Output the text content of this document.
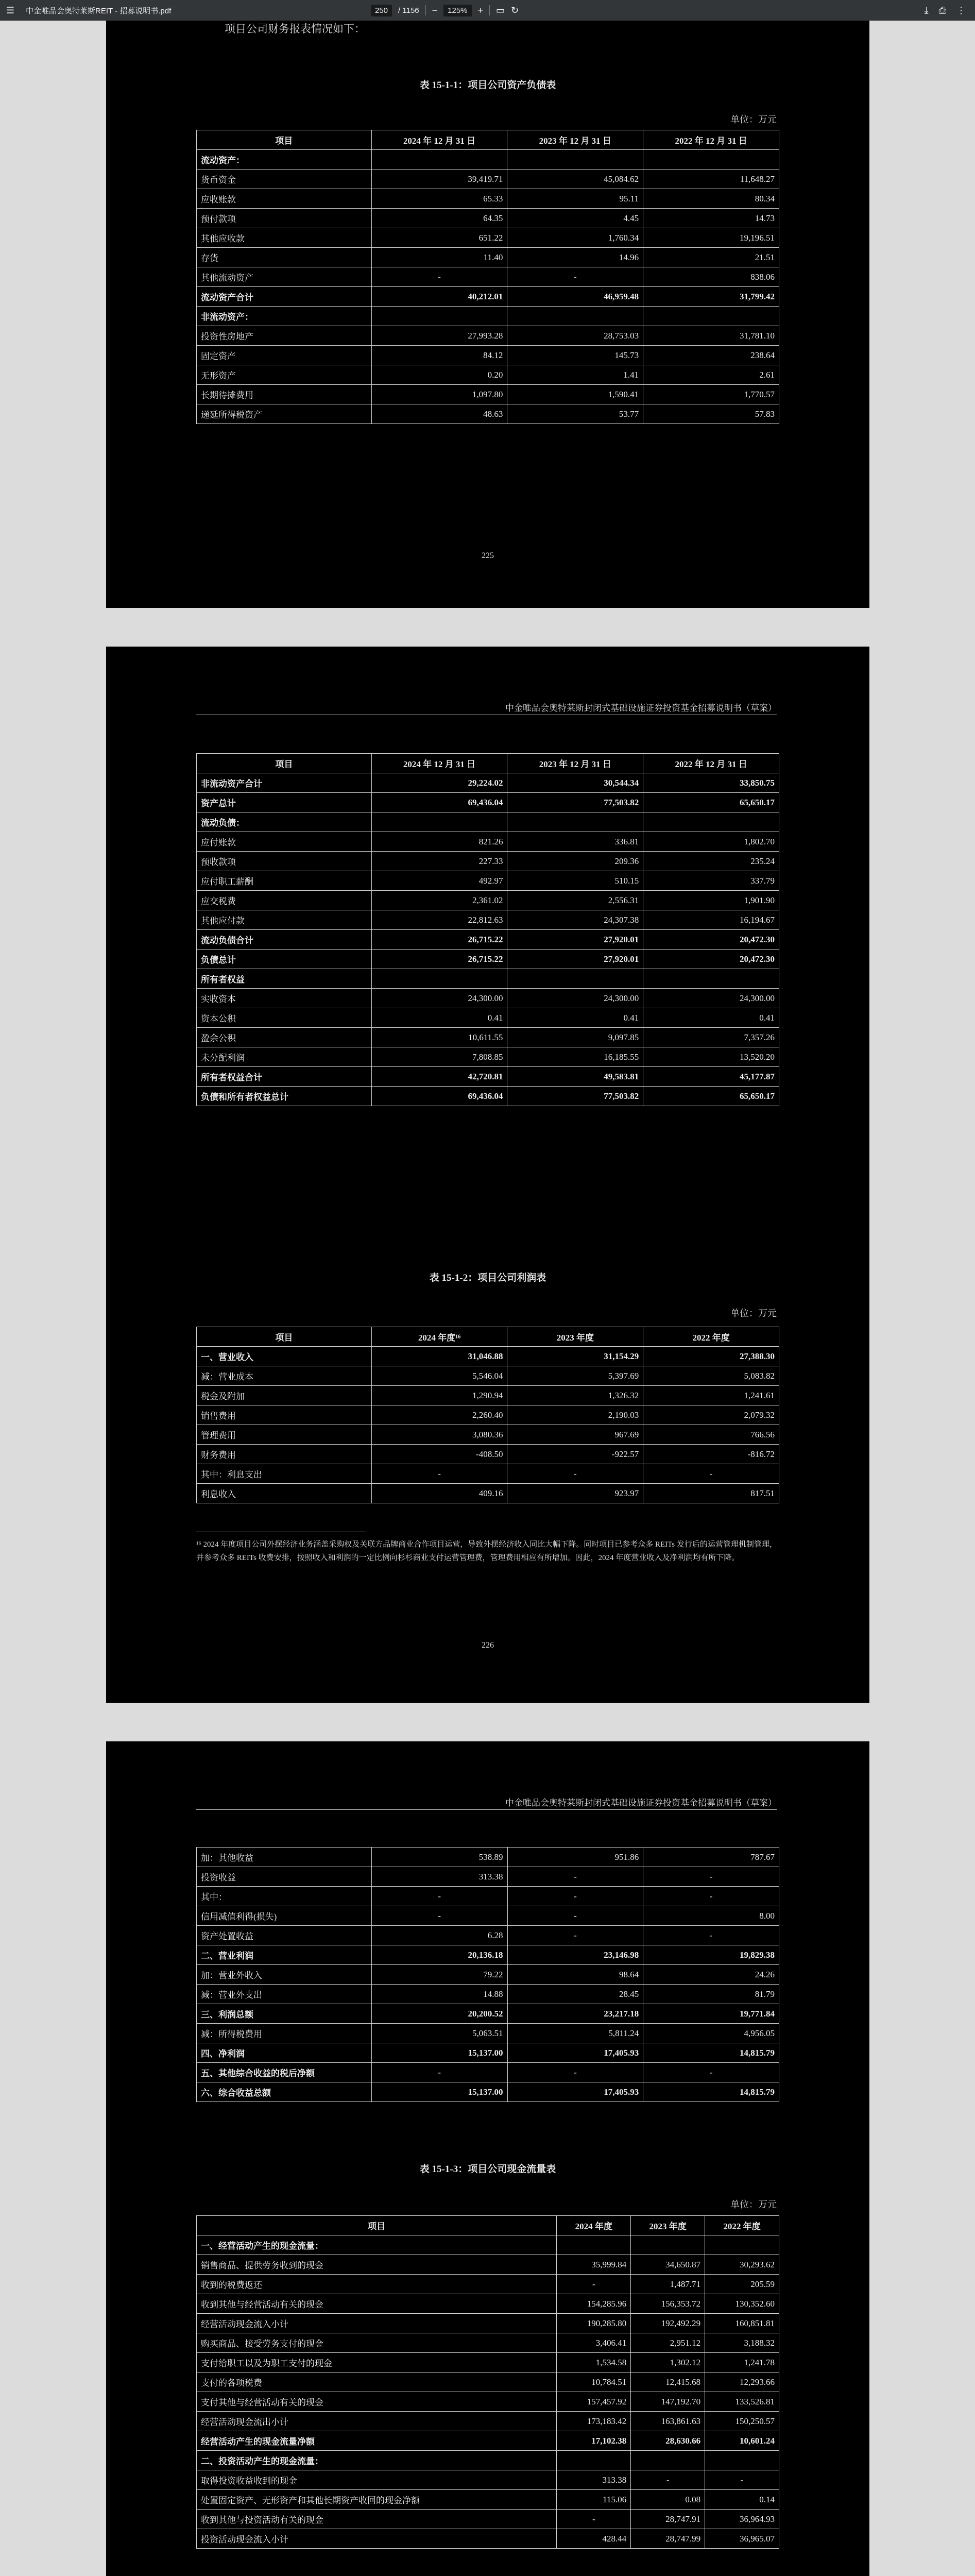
☰	中金唯品会奥特莱斯REIT - 招募说明书.pdf	250	/ 1156 −	125%	+ ▭ ↻	⤓ ⎙ ⋮
项目公司财务报表情况如下：
表 15-1-1：项目公司资产负债表
单位：万元
项目	2024 年 12 月 31 日	2023 年 12 月 31 日	2022 年 12 月 31 日
流动资产：			
货币资金	39,419.71	45,084.62	11,648.27
应收账款	65.33	95.11	80.34
预付款项	64.35	4.45	14.73
其他应收款	651.22	1,760.34	19,196.51
存货	11.40	14.96	21.51
其他流动资产	-	-	838.06
流动资产合计	40,212.01	46,959.48	31,799.42
非流动资产：			
投资性房地产	27,993.28	28,753.03	31,781.10
固定资产	84.12	145.73	238.64
无形资产	0.20	1.41	2.61
长期待摊费用	1,097.80	1,590.41	1,770.57
递延所得税资产	48.63	53.77	57.83
225
中金唯品会奥特莱斯封闭式基础设施证券投资基金招募说明书（草案）
项目	2024 年 12 月 31 日	2023 年 12 月 31 日	2022 年 12 月 31 日
非流动资产合计	29,224.02	30,544.34	33,850.75
资产总计	69,436.04	77,503.82	65,650.17
流动负债：			
应付账款	821.26	336.81	1,802.70
预收款项	227.33	209.36	235.24
应付职工薪酬	492.97	510.15	337.79
应交税费	2,361.02	2,556.31	1,901.90
其他应付款	22,812.63	24,307.38	16,194.67
流动负债合计	26,715.22	27,920.01	20,472.30
负债总计	26,715.22	27,920.01	20,472.30
所有者权益			
实收资本	24,300.00	24,300.00	24,300.00
资本公积	0.41	0.41	0.41
盈余公积	10,611.55	9,097.85	7,357.26
未分配利润	7,808.85	16,185.55	13,520.20
所有者权益合计	42,720.81	49,583.81	45,177.87
负债和所有者权益总计	69,436.04	77,503.82	65,650.17
表 15-1-2：项目公司利润表
单位：万元
项目	2024 年度¹⁶	2023 年度	2022 年度
一、营业收入	31,046.88	31,154.29	27,388.30
减：营业成本	5,546.04	5,397.69	5,083.82
税金及附加	1,290.94	1,326.32	1,241.61
销售费用	2,260.40	2,190.03	2,079.32
管理费用	3,080.36	967.69	766.56
财务费用	-408.50	-922.57	-816.72
其中：利息支出	-	-	-
利息收入	409.16	923.97	817.51
¹⁶ 2024 年度项目公司外摆经济业务涵盖采购权及关联方品牌商业合作项目运营，导致外摆经济收入同比大幅下降。同时项目已参考众多 REITs 发行后的运营管理机制管理，并参考众多 REITs 收费安排，按照收入和利润的一定比例向杉杉商业支付运营管理费，管理费用相应有所增加。因此，2024 年度营业收入及净利润均有所下降。
226
中金唯品会奥特莱斯封闭式基础设施证券投资基金招募说明书（草案）
加：其他收益	538.89	951.86	787.67
投资收益	313.38	-	-
其中：	-	-	-
信用减值利得(损失)	-	-	8.00
资产处置收益	6.28	-	-
二、营业利润	20,136.18	23,146.98	19,829.38
加：营业外收入	79.22	98.64	24.26
减：营业外支出	14.88	28.45	81.79
三、利润总额	20,200.52	23,217.18	19,771.84
减：所得税费用	5,063.51	5,811.24	4,956.05
四、净利润	15,137.00	17,405.93	14,815.79
五、其他综合收益的税后净额	-	-	-
六、综合收益总额	15,137.00	17,405.93	14,815.79
表 15-1-3：项目公司现金流量表
单位：万元
项目	2024 年度	2023 年度	2022 年度
一、经营活动产生的现金流量：			
销售商品、提供劳务收到的现金	35,999.84	34,650.87	30,293.62
收到的税费返还	-	1,487.71	205.59
收到其他与经营活动有关的现金	154,285.96	156,353.72	130,352.60
经营活动现金流入小计	190,285.80	192,492.29	160,851.81
购买商品、接受劳务支付的现金	3,406.41	2,951.12	3,188.32
支付给职工以及为职工支付的现金	1,534.58	1,302.12	1,241.78
支付的各项税费	10,784.51	12,415.68	12,293.66
支付其他与经营活动有关的现金	157,457.92	147,192.70	133,526.81
经营活动现金流出小计	173,183.42	163,861.63	150,250.57
经营活动产生的现金流量净额	17,102.38	28,630.66	10,601.24
二、投资活动产生的现金流量：			
取得投资收益收到的现金	313.38	-	-
处置固定资产、无形资产和其他长期资产收回的现金净额	115.06	0.08	0.14
收到其他与投资活动有关的现金	-	28,747.91	36,964.93
投资活动现金流入小计	428.44	28,747.99	36,965.07
